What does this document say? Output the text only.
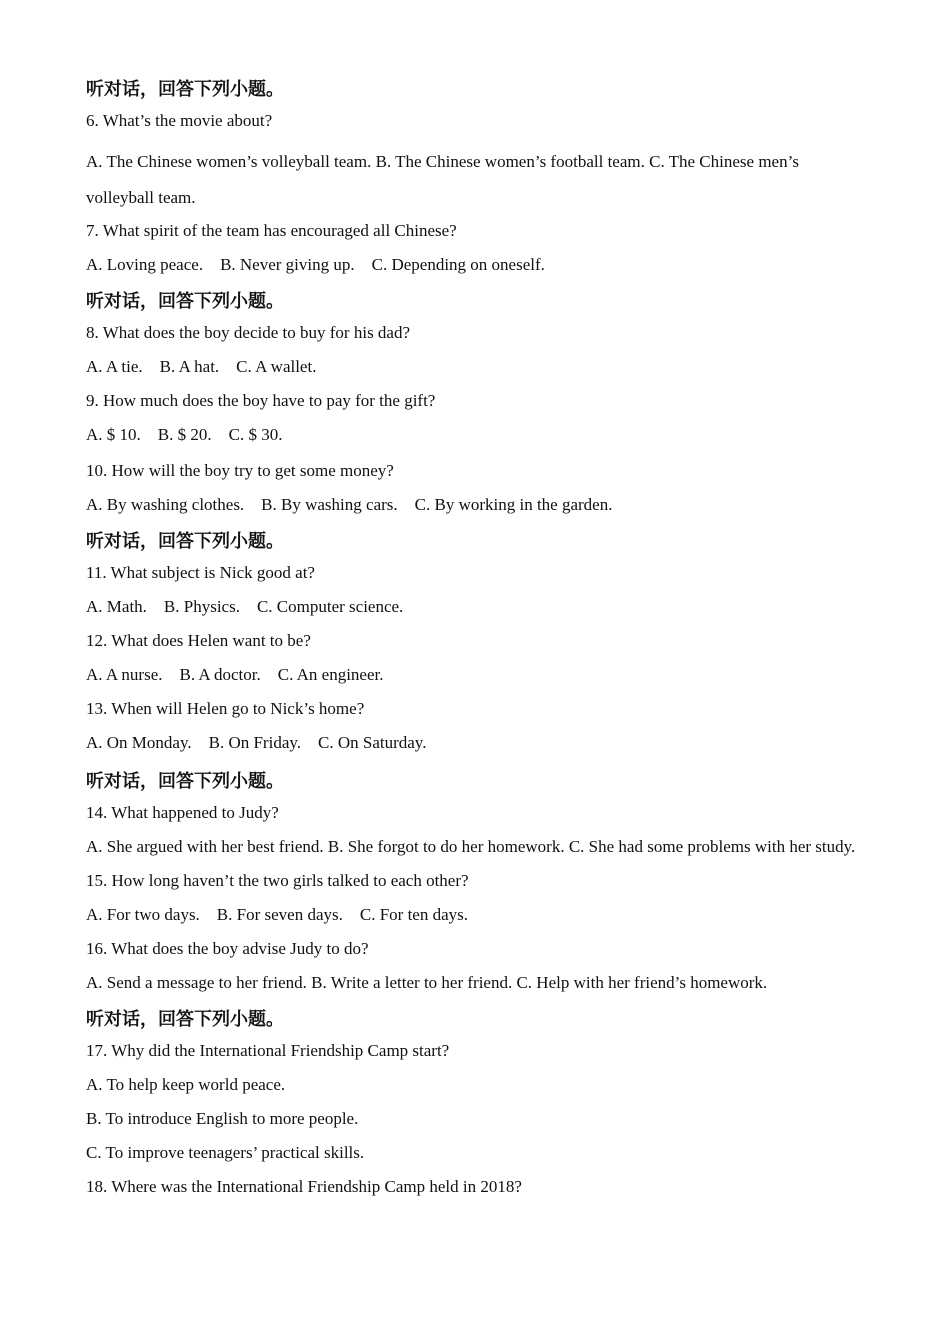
听对话，回答下列小题。
6. What’s the movie about?
A. The Chinese women’s volleyball team. B. The Chinese women’s football team. C. The Chinese men’s volleyball team.
7. What spirit of the team has encouraged all Chinese?
A. Loving peace.    B. Never giving up.    C. Depending on oneself.
听对话，回答下列小题。
8. What does the boy decide to buy for his dad?
A. A tie.    B. A hat.    C. A wallet.
9. How much does the boy have to pay for the gift?
A. $ 10.    B. $ 20.    C. $ 30.
10. How will the boy try to get some money?
A. By washing clothes.    B. By washing cars.    C. By working in the garden.
听对话，回答下列小题。
11. What subject is Nick good at?
A. Math.    B. Physics.    C. Computer science.
12. What does Helen want to be?
A. A nurse.    B. A doctor.    C. An engineer.
13. When will Helen go to Nick’s home?
A. On Monday.    B. On Friday.    C. On Saturday.
听对话，回答下列小题。
14. What happened to Judy?
A. She argued with her best friend. B. She forgot to do her homework. C. She had some problems with her study.
15. How long haven’t the two girls talked to each other?
A. For two days.    B. For seven days.    C. For ten days.
16. What does the boy advise Judy to do?
A. Send a message to her friend. B. Write a letter to her friend. C. Help with her friend’s homework.
听对话，回答下列小题。
17. Why did the International Friendship Camp start?
A. To help keep world peace.
B. To introduce English to more people.
C. To improve teenagers’ practical skills.
18. Where was the International Friendship Camp held in 2018?
